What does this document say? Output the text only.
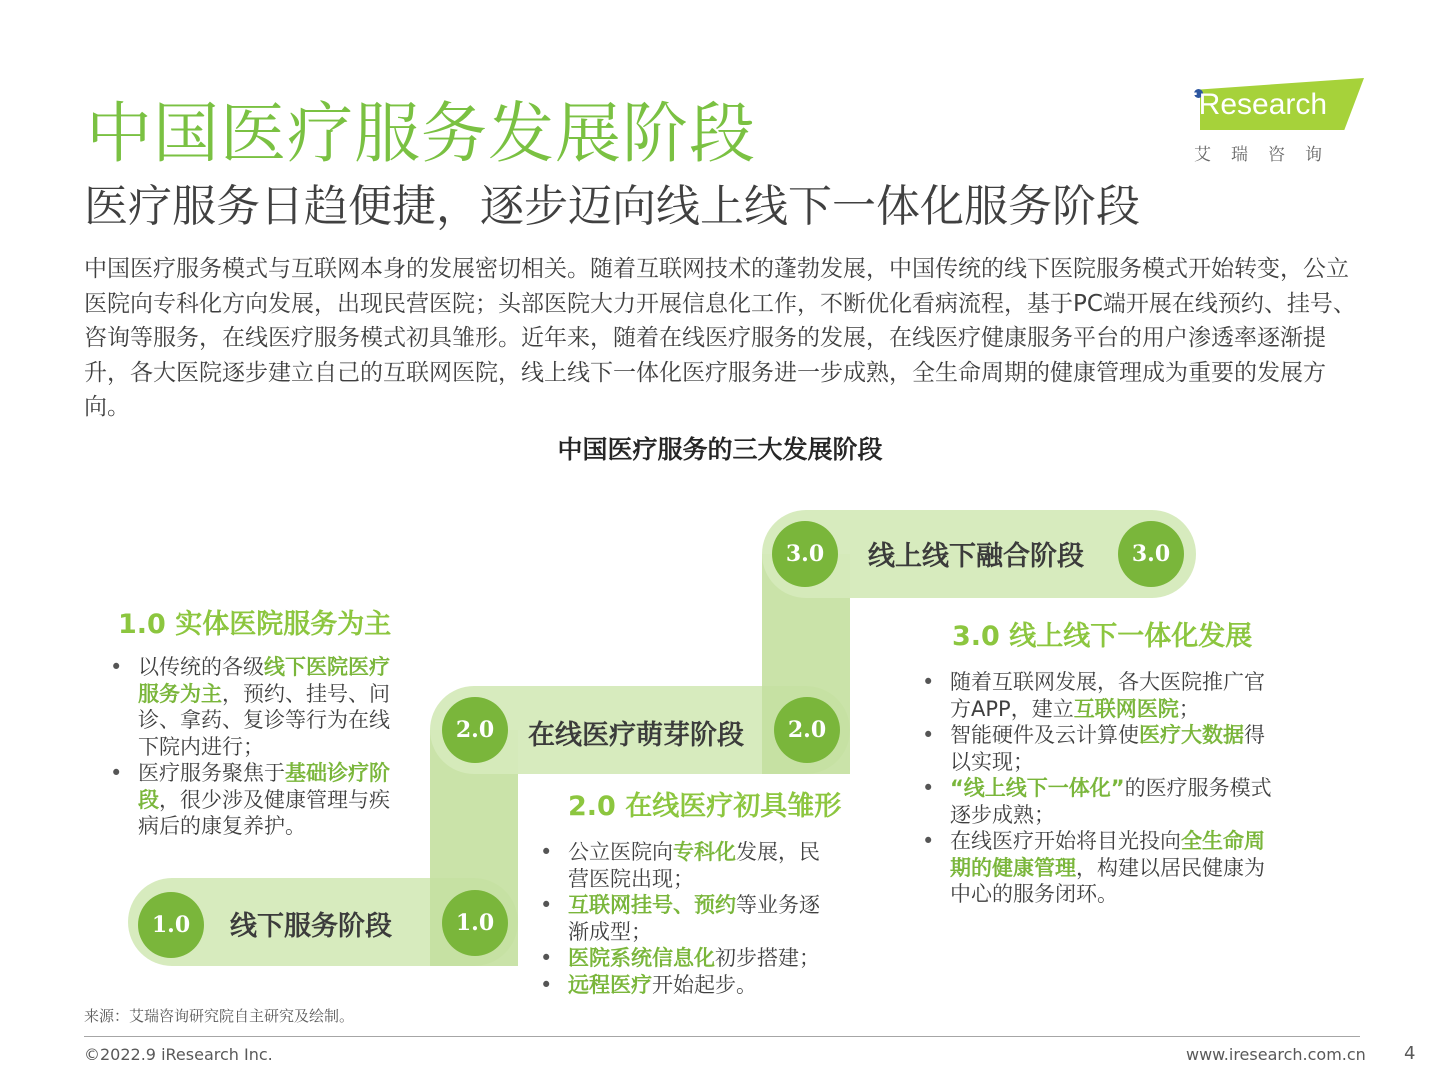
中国医疗服务发展阶段
医疗服务日趋便捷，逐步迈向线上线下一体化服务阶段
iResearch
艾瑞咨询

中国医疗服务模式与互联网本身的发展密切相关。随着互联网技术的蓬勃发展，中国传统的线下医院服务模式开始转变，公立医院向专科化方向发展，出现民营医院；头部医院大力开展信息化工作，不断优化看病流程，基于PC端开展在线预约、挂号、咨询等服务，在线医疗服务模式初具雏形。近年来，随着在线医疗服务的发展，在线医疗健康服务平台的用户渗透率逐渐提升，各大医院逐步建立自己的互联网医院，线上线下一体化医疗服务进一步成熟，全生命周期的健康管理成为重要的发展方向。

中国医疗服务的三大发展阶段
1.0	线下服务阶段	1.0
2.0	在线医疗萌芽阶段	2.0
3.0	线上线下融合阶段	3.0
1.0 实体医院服务为主
• 以传统的各级线下医院医疗服务为主，预约、挂号、问诊、拿药、复诊等行为在线下院内进行；
• 医疗服务聚焦于基础诊疗阶段，很少涉及健康管理与疾病后的康复养护。
2.0 在线医疗初具雏形
• 公立医院向专科化发展，民营医院出现；
• 互联网挂号、预约等业务逐渐成型；
• 医院系统信息化初步搭建；
• 远程医疗开始起步。
3.0 线上线下一体化发展
• 随着互联网发展，各大医院推广官方APP，建立互联网医院；
• 智能硬件及云计算使医疗大数据得以实现；
• “线上线下一体化”的医疗服务模式逐步成熟；
• 在线医疗开始将目光投向全生命周期的健康管理，构建以居民健康为中心的服务闭环。
来源：艾瑞咨询研究院自主研究及绘制。
©2022.9 iResearch Inc.	www.iresearch.com.cn 4
